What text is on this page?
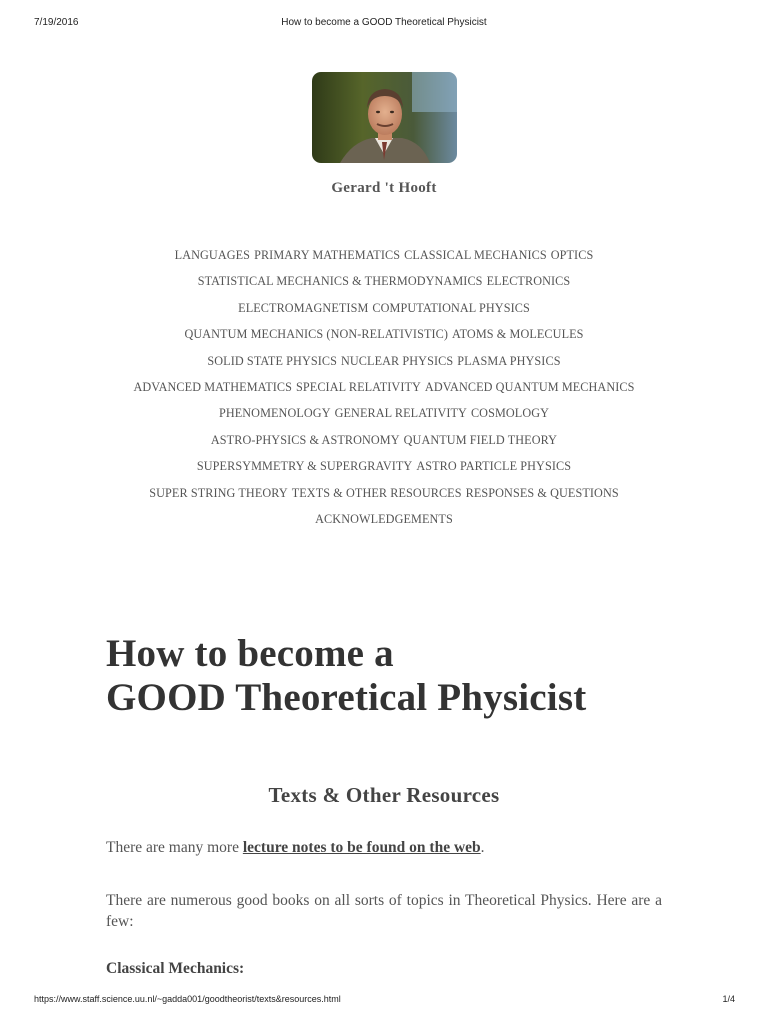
7/19/2016	How to become a GOOD Theoretical Physicist
Gerard 't Hooft
LANGUAGES PRIMARY MATHEMATICS CLASSICAL MECHANICS OPTICS
STATISTICAL MECHANICS & THERMODYNAMICS ELECTRONICS
ELECTROMAGNETISM COMPUTATIONAL PHYSICS
QUANTUM MECHANICS (NON-RELATIVISTIC) ATOMS & MOLECULES
SOLID STATE PHYSICS NUCLEAR PHYSICS PLASMA PHYSICS
ADVANCED MATHEMATICS SPECIAL RELATIVITY ADVANCED QUANTUM MECHANICS
PHENOMENOLOGY GENERAL RELATIVITY COSMOLOGY
ASTRO-PHYSICS & ASTRONOMY QUANTUM FIELD THEORY
SUPERSYMMETRY & SUPERGRAVITY ASTRO PARTICLE PHYSICS
SUPER STRING THEORY TEXTS & OTHER RESOURCES RESPONSES & QUESTIONS
ACKNOWLEDGEMENTS
How to become a
GOOD Theoretical Physicist
Texts & Other Resources

There are many more lecture notes to be found on the web.

There are numerous good books on all sorts of topics in Theoretical Physics. Here are a few:

Classical Mechanics:
https://www.staff.science.uu.nl/~gadda001/goodtheorist/texts&resources.html	1/4
